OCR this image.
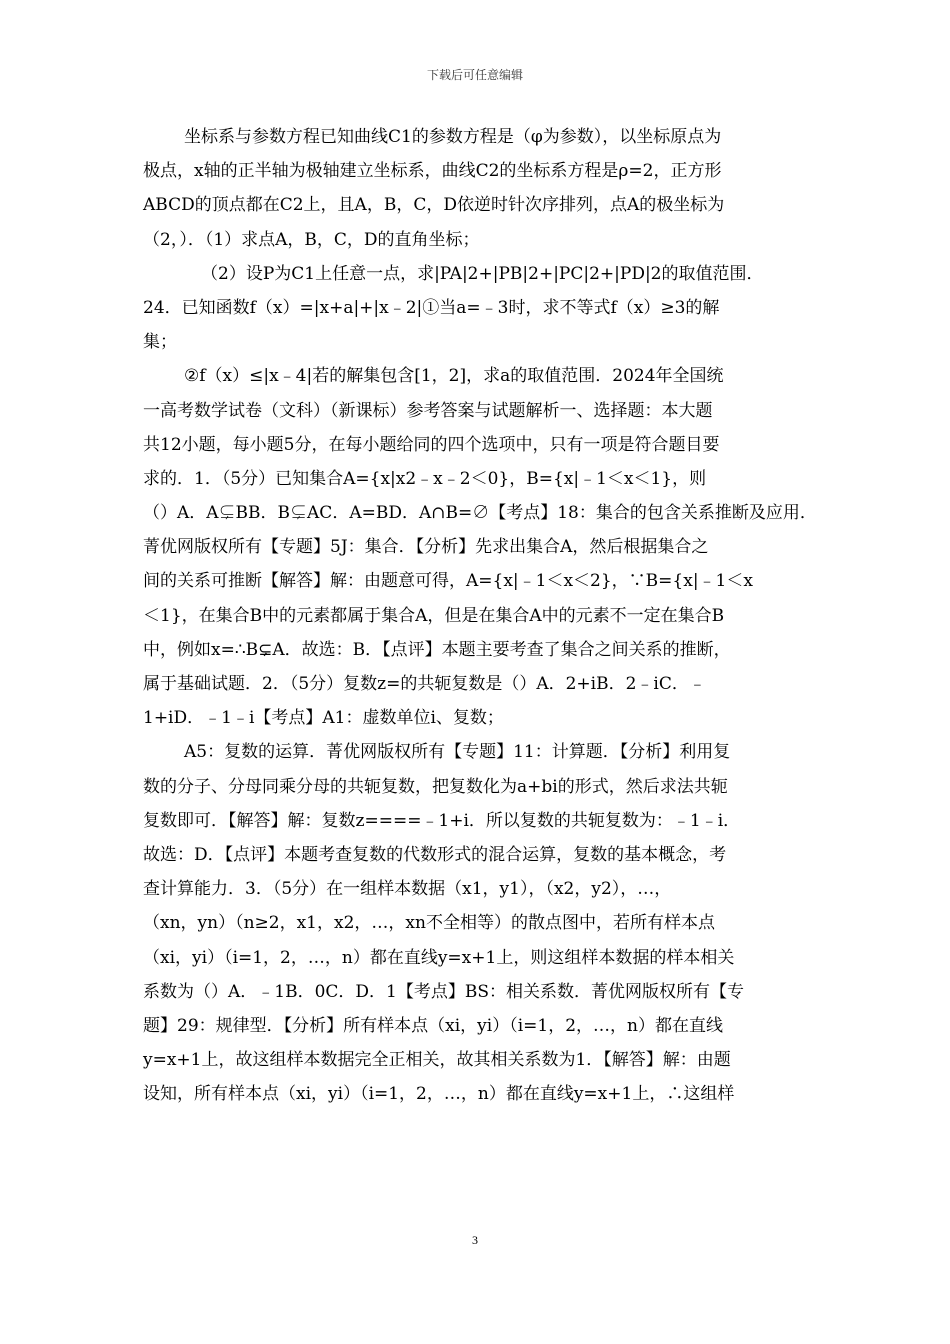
下载后可任意编辑
坐标系与参数方程已知曲线C1的参数方程是（φ为参数），以坐标原点为
极点，x轴的正半轴为极轴建立坐标系，曲线C2的坐标系方程是ρ=2，正方形
ABCD的顶点都在C2上，且A，B，C，D依逆时针次序排列，点A的极坐标为
（2，）．（1）求点A，B，C，D的直角坐标；
（2）设P为C1上任意一点，求|PA|2+|PB|2+|PC|2+|PD|2的取值范围．
24．已知函数f（x）=|x+a|+|x﹣2|①当a=﹣3时，求不等式f（x）≥3的解
集；
②f（x）≤|x﹣4|若的解集包含[1，2]，求a的取值范围．2024年全国统
一高考数学试卷（文科）（新课标）参考答案与试题解析一、选择题：本大题
共12小题，每小题5分，在每小题给同的四个选项中，只有一项是符合题目要
求的．1．（5分）已知集合A={x|x2﹣x﹣2＜0}，B={x|﹣1＜x＜1}，则
（）A．A⊊BB．B⊊AC．A=BD．A∩B=∅【考点】18：集合的包含关系推断及应用．
菁优网版权所有【专题】5J：集合．【分析】先求出集合A，然后根据集合之
间的关系可推断【解答】解：由题意可得，A={x|﹣1＜x＜2}，∵B={x|﹣1＜x
＜1}，在集合B中的元素都属于集合A，但是在集合A中的元素不一定在集合B
中，例如x=∴B⊊A．故选：B．【点评】本题主要考查了集合之间关系的推断，
属于基础试题．2．（5分）复数z=的共轭复数是（）A．2+iB．2﹣iC．﹣
1+iD．﹣1﹣i【考点】A1：虚数单位i、复数；
A5：复数的运算．菁优网版权所有【专题】11：计算题．【分析】利用复
数的分子、分母同乘分母的共轭复数，把复数化为a+bi的形式，然后求法共轭
复数即可．【解答】解：复数z====﹣1+i．所以复数的共轭复数为：﹣1﹣i．
故选：D．【点评】本题考查复数的代数形式的混合运算，复数的基本概念，考
查计算能力．3．（5分）在一组样本数据（x1，y1），（x2，y2），…，
（xn，yn）（n≥2，x1，x2，…，xn不全相等）的散点图中，若所有样本点
（xi，yi）（i=1，2，…，n）都在直线y=x+1上，则这组样本数据的样本相关
系数为（）A．﹣1B．0C．D．1【考点】BS：相关系数．菁优网版权所有【专
题】29：规律型．【分析】所有样本点（xi，yi）（i=1，2，…，n）都在直线
y=x+1上，故这组样本数据完全正相关，故其相关系数为1．【解答】解：由题
设知，所有样本点（xi，yi）（i=1，2，…，n）都在直线y=x+1上，∴这组样
3
